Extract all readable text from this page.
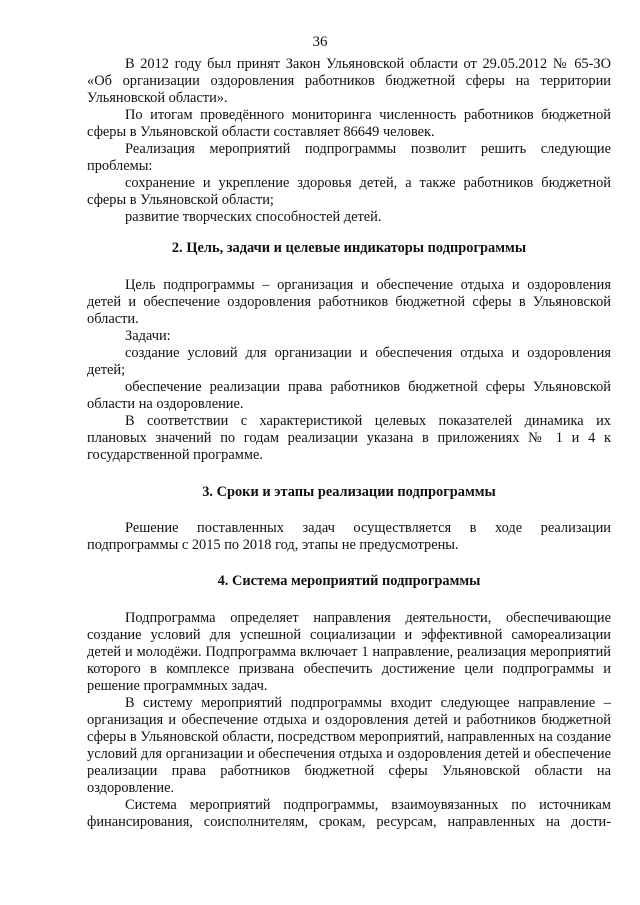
36

В 2012 году был принят Закон Ульяновской области от 29.05.2012 № 65-ЗО «Об организации оздоровления работников бюджетной сферы на территории Ульяновской области».

По итогам проведённого мониторинга численность работников бюджетной сферы в Ульяновской области составляет 86649 человек.

Реализация мероприятий подпрограммы позволит решить следующие проблемы:

сохранение и укрепление здоровья детей, а также работников бюджетной сферы в Ульяновской области;

развитие творческих способностей детей.

2. Цель, задачи и целевые индикаторы подпрограммы

Цель подпрограммы – организация и обеспечение отдыха и оздоровления детей и обеспечение оздоровления работников бюджетной сферы в Ульяновской области.

Задачи:

создание условий для организации и обеспечения отдыха и оздоровления детей;

обеспечение реализации права работников бюджетной сферы Ульяновской области на оздоровление.

В соответствии с характеристикой целевых показателей динамика их плановых значений по годам реализации указана в приложениях № 1 и 4 к государственной программе.

3. Сроки и этапы реализации подпрограммы

Решение поставленных задач осуществляется в ходе реализации подпрограммы с 2015 по 2018 год, этапы не предусмотрены.

4. Система мероприятий подпрограммы

Подпрограмма определяет направления деятельности, обеспечивающие создание условий для успешной социализации и эффективной самореализации детей и молодёжи. Подпрограмма включает 1 направление, реализация мероприятий которого в комплексе призвана обеспечить достижение цели подпрограммы и решение программных задач.

В систему мероприятий подпрограммы входит следующее направление – организация и обеспечение отдыха и оздоровления детей и работников бюджетной сферы в Ульяновской области, посредством мероприятий, направленных на создание условий для организации и обеспечения отдыха и оздоровления детей и обеспечение реализации права работников бюджетной сферы Ульяновской области на оздоровление.

Система мероприятий подпрограммы, взаимоувязанных по источникам финансирования, соисполнителям, срокам, ресурсам, направленных на дости-
